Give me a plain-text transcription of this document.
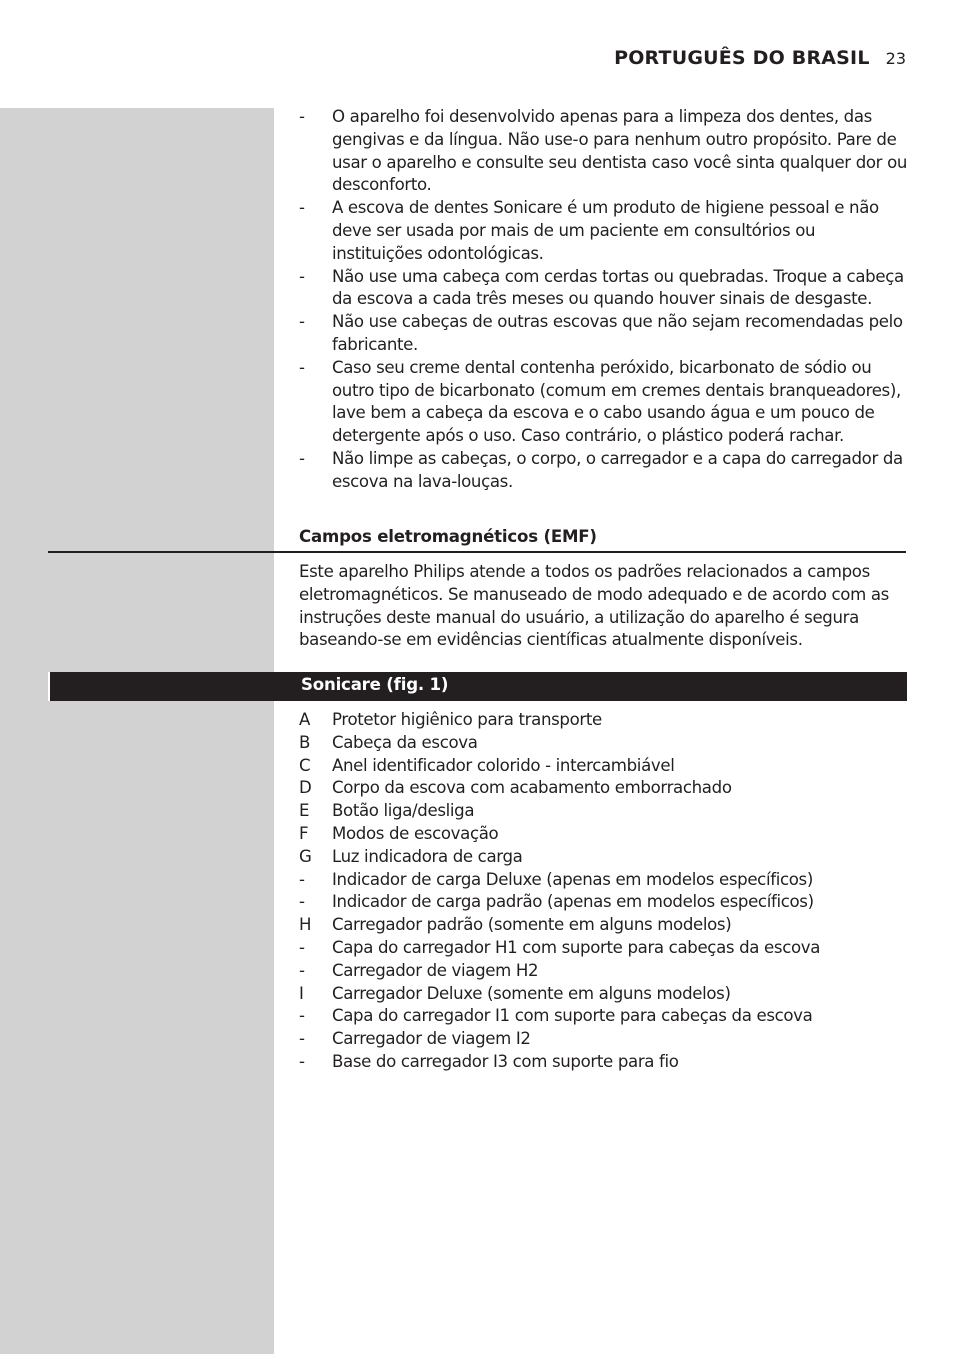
PORTUGUÊS DO BRASIL 23
-	O aparelho foi desenvolvido apenas para a limpeza dos dentes, das gengivas e da língua. Não use-o para nenhum outro propósito. Pare de usar o aparelho e consulte seu dentista caso você sinta qualquer dor ou desconforto.
-	A escova de dentes Sonicare é um produto de higiene pessoal e não deve ser usada por mais de um paciente em consultórios ou instituições odontológicas.
-	Não use uma cabeça com cerdas tortas ou quebradas. Troque a cabeça da escova a cada três meses ou quando houver sinais de desgaste.
-	Não use cabeças de outras escovas que não sejam recomendadas pelo fabricante.
-	Caso seu creme dental contenha peróxido, bicarbonato de sódio ou outro tipo de bicarbonato (comum em cremes dentais branqueadores), lave bem a cabeça da escova e o cabo usando água e um pouco de detergente após o uso. Caso contrário, o plástico poderá rachar.
-	Não limpe as cabeças, o corpo, o carregador e a capa do carregador da escova na lava-louças.
Campos eletromagnéticos (EMF)
Este aparelho Philips atende a todos os padrões relacionados a campos eletromagnéticos. Se manuseado de modo adequado e de acordo com as instruções deste manual do usuário, a utilização do aparelho é segura baseando-se em evidências científicas atualmente disponíveis.
Sonicare (fig. 1)
A	Protetor higiênico para transporte
B	Cabeça da escova
C	Anel identificador colorido - intercambiável
D	Corpo da escova com acabamento emborrachado
E	Botão liga/desliga
F	Modos de escovação
G	Luz indicadora de carga
-	Indicador de carga Deluxe (apenas em modelos específicos)
-	Indicador de carga padrão (apenas em modelos específicos)
H	Carregador padrão (somente em alguns modelos)
-	Capa do carregador H1 com suporte para cabeças da escova
-	Carregador de viagem H2
I	Carregador Deluxe (somente em alguns modelos)
-	Capa do carregador I1 com suporte para cabeças da escova
-	Carregador de viagem I2
-	Base do carregador I3 com suporte para fio
